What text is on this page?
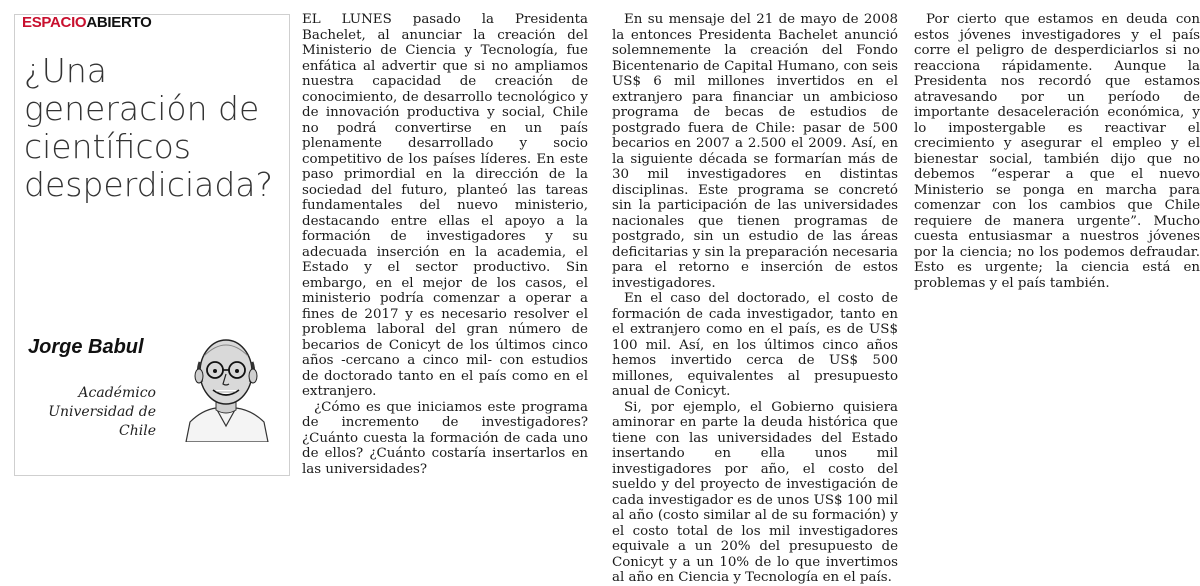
ESPACIOABIERTO
¿Una generación de científicos desperdiciada?
Jorge Babul
Académico
Universidad de
Chile

EL LUNES pasado la Presidenta Bachelet, al anunciar la creación del Ministerio de Ciencia y Tecnología, fue enfática al advertir que si no ampliamos nuestra capacidad de creación de conocimiento, de desarrollo tecnológico y de innovación productiva y social, Chile no podrá convertirse en un país plenamente desarrollado y socio competitivo de los países líderes. En este paso primordial en la dirección de la sociedad del futuro, planteó las tareas fundamentales del nuevo ministerio, destacando entre ellas el apoyo a la formación de investigadores y su adecuada inserción en la academia, el Estado y el sector productivo. Sin embargo, en el mejor de los casos, el ministerio podría comenzar a operar a fines de 2017 y es necesario resolver el problema laboral del gran número de becarios de Conicyt de los últimos cinco años -cercano a cinco mil- con estudios de doctorado tanto en el país como en el extranjero.

¿Cómo es que iniciamos este programa de incremento de investigadores? ¿Cuánto cuesta la formación de cada uno de ellos? ¿Cuánto costaría insertarlos en las universidades?

En su mensaje del 21 de mayo de 2008 la entonces Presidenta Bachelet anunció solemnemente la creación del Fondo Bicentenario de Capital Humano, con seis US$ 6 mil millones invertidos en el extranjero para financiar un ambicioso programa de becas de estudios de postgrado fuera de Chile: pasar de 500 becarios en 2007 a 2.500 el 2009. Así, en la siguiente década se formarían más de 30 mil investigadores en distintas disciplinas. Este programa se concretó sin la participación de las universidades nacionales que tienen programas de postgrado, sin un estudio de las áreas deficitarias y sin la preparación necesaria para el retorno e inserción de estos investigadores.

En el caso del doctorado, el costo de formación de cada investigador, tanto en el extranjero como en el país, es de US$ 100 mil. Así, en los últimos cinco años hemos invertido cerca de US$ 500 millones, equivalentes al presupuesto anual de Conicyt.

Si, por ejemplo, el Gobierno quisiera aminorar en parte la deuda histórica que tiene con las universidades del Estado insertando en ella unos mil investigadores por año, el costo del sueldo y del proyecto de investigación de cada investigador es de unos US$ 100 mil al año (costo similar al de su formación) y el costo total de los mil investigadores equivale a un 20% del presupuesto de Conicyt y a un 10% de lo que invertimos al año en Ciencia y Tecnología en el país.

Por cierto que estamos en deuda con estos jóvenes investigadores y el país corre el peligro de desperdiciarlos si no reacciona rápidamente. Aunque la Presidenta nos recordó que estamos atravesando por un período de importante desaceleración económica, y lo impostergable es reactivar el crecimiento y asegurar el empleo y el bienestar social, también dijo que no debemos “esperar a que el nuevo Ministerio se ponga en marcha para comenzar con los cambios que Chile requiere de manera urgente”. Mucho cuesta entusiasmar a nuestros jóvenes por la ciencia; no los podemos defraudar. Esto es urgente; la ciencia está en problemas y el país también.
